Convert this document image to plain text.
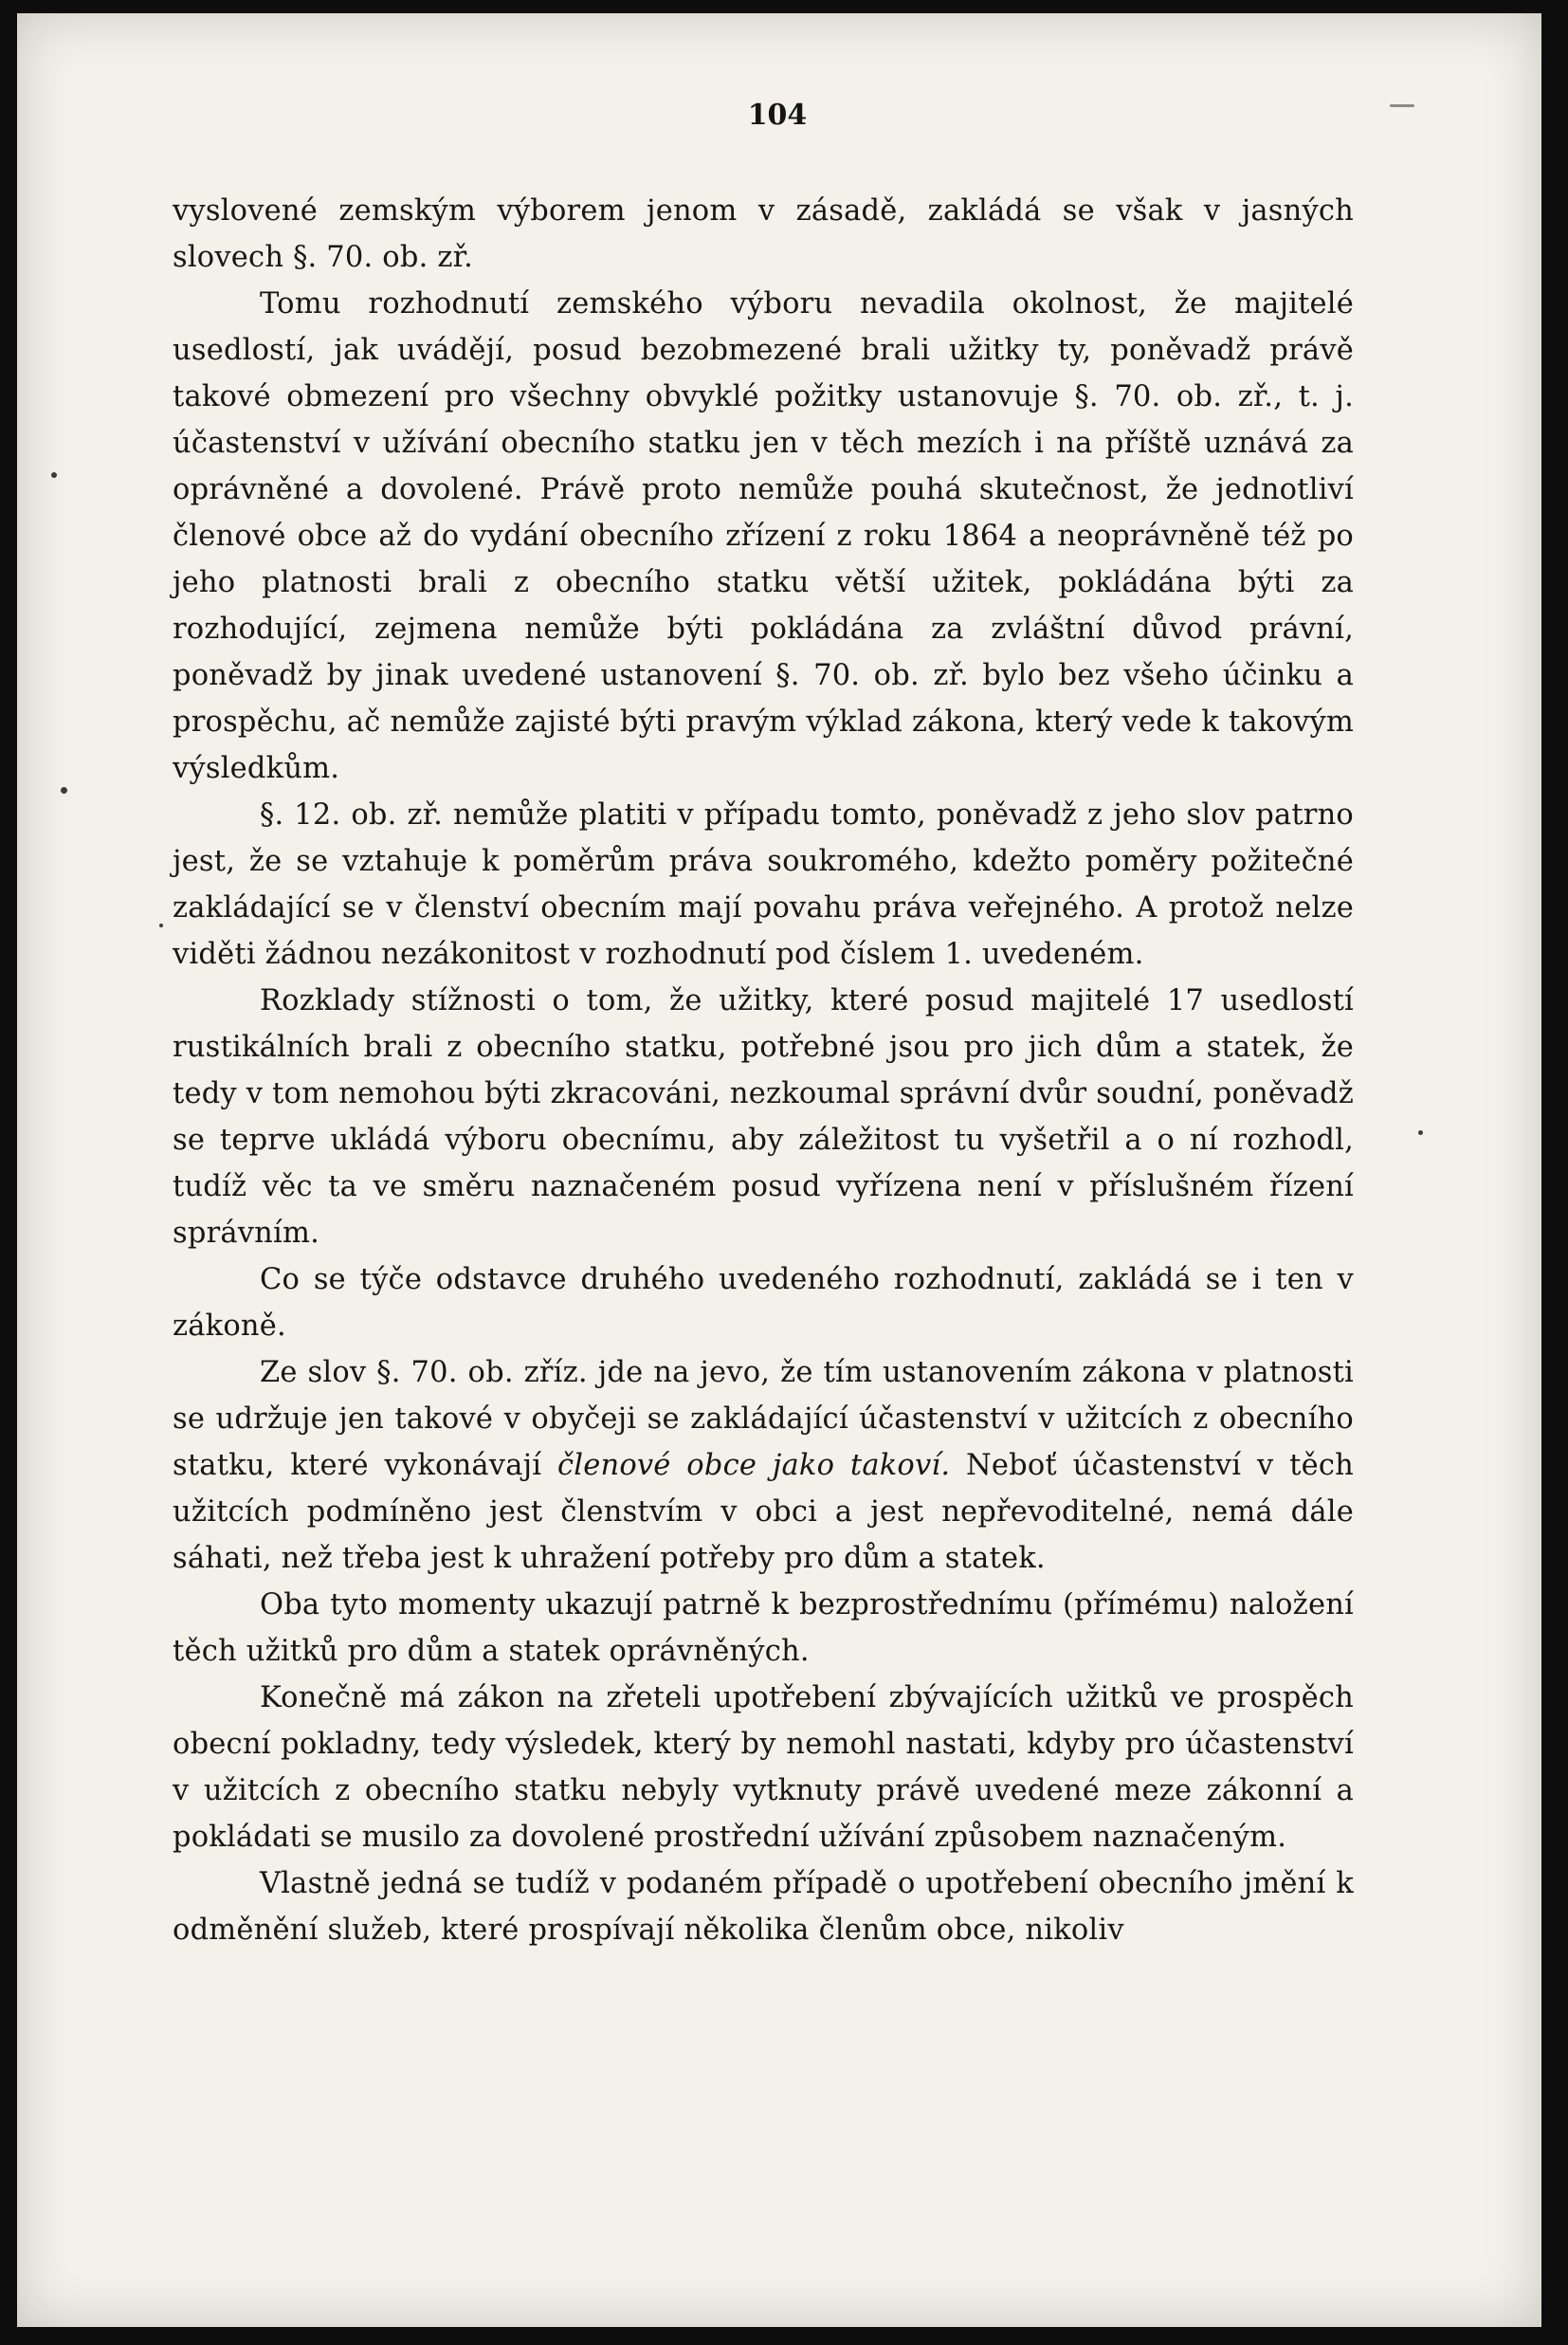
104

vyslovené zemským výborem jenom v zásadě, zakládá se však v jasných slovech §. 70. ob. zř.

Tomu rozhodnutí zemského výboru nevadila okolnost, že majitelé usedlostí, jak uvádějí, posud bezobmezené brali užitky ty, poněvadž právě takové obmezení pro všechny obvyklé požitky ustanovuje §. 70. ob. zř., t. j. účastenství v užívání obecního statku jen v těch mezích i na příště uznává za oprávněné a dovolené. Právě proto nemůže pouhá skutečnost, že jednotliví členové obce až do vydání obecního zřízení z roku 1864 a neoprávněně též po jeho platnosti brali z obecního statku větší užitek, pokládána býti za rozhodující, zejmena nemůže býti pokládána za zvláštní důvod právní, poněvadž by jinak uvedené ustanovení §. 70. ob. zř. bylo bez všeho účinku a prospěchu, ač nemůže zajisté býti pravým výklad zákona, který vede k takovým výsledkům.

§. 12. ob. zř. nemůže platiti v případu tomto, poněvadž z jeho slov patrno jest, že se vztahuje k poměrům práva soukromého, kdežto poměry požitečné zakládající se v členství obecním mají povahu práva veřejného. A protož nelze viděti žádnou nezákonitost v rozhodnutí pod číslem 1. uvedeném.

Rozklady stížnosti o tom, že užitky, které posud majitelé 17 usedlostí rustikálních brali z obecního statku, potřebné jsou pro jich dům a statek, že tedy v tom nemohou býti zkracováni, nezkoumal správní dvůr soudní, poněvadž se teprve ukládá výboru obecnímu, aby záležitost tu vyšetřil a o ní rozhodl, tudíž věc ta ve směru naznačeném posud vyřízena není v příslušném řízení správním.

Co se týče odstavce druhého uvedeného rozhodnutí, zakládá se i ten v zákoně.

Ze slov §. 70. ob. zříz. jde na jevo, že tím ustanovením zákona v platnosti se udržuje jen takové v obyčeji se zakládající účastenství v užitcích z obecního statku, které vykonávají členové obce jako takoví. Neboť účastenství v těch užitcích podmíněno jest členstvím v obci a jest nepřevoditelné, nemá dále sáhati, než třeba jest k uhražení potřeby pro dům a statek.

Oba tyto momenty ukazují patrně k bezprostřednímu (přímému) naložení těch užitků pro dům a statek oprávněných.

Konečně má zákon na zřeteli upotřebení zbývajících užitků ve prospěch obecní pokladny, tedy výsledek, který by nemohl nastati, kdyby pro účastenství v užitcích z obecního statku nebyly vytknuty právě uvedené meze zákonní a pokládati se musilo za dovolené prostřední užívání způsobem naznačeným.

Vlastně jedná se tudíž v podaném případě o upotřebení obecního jmění k odměnění služeb, které prospívají několika členům obce, nikoliv
